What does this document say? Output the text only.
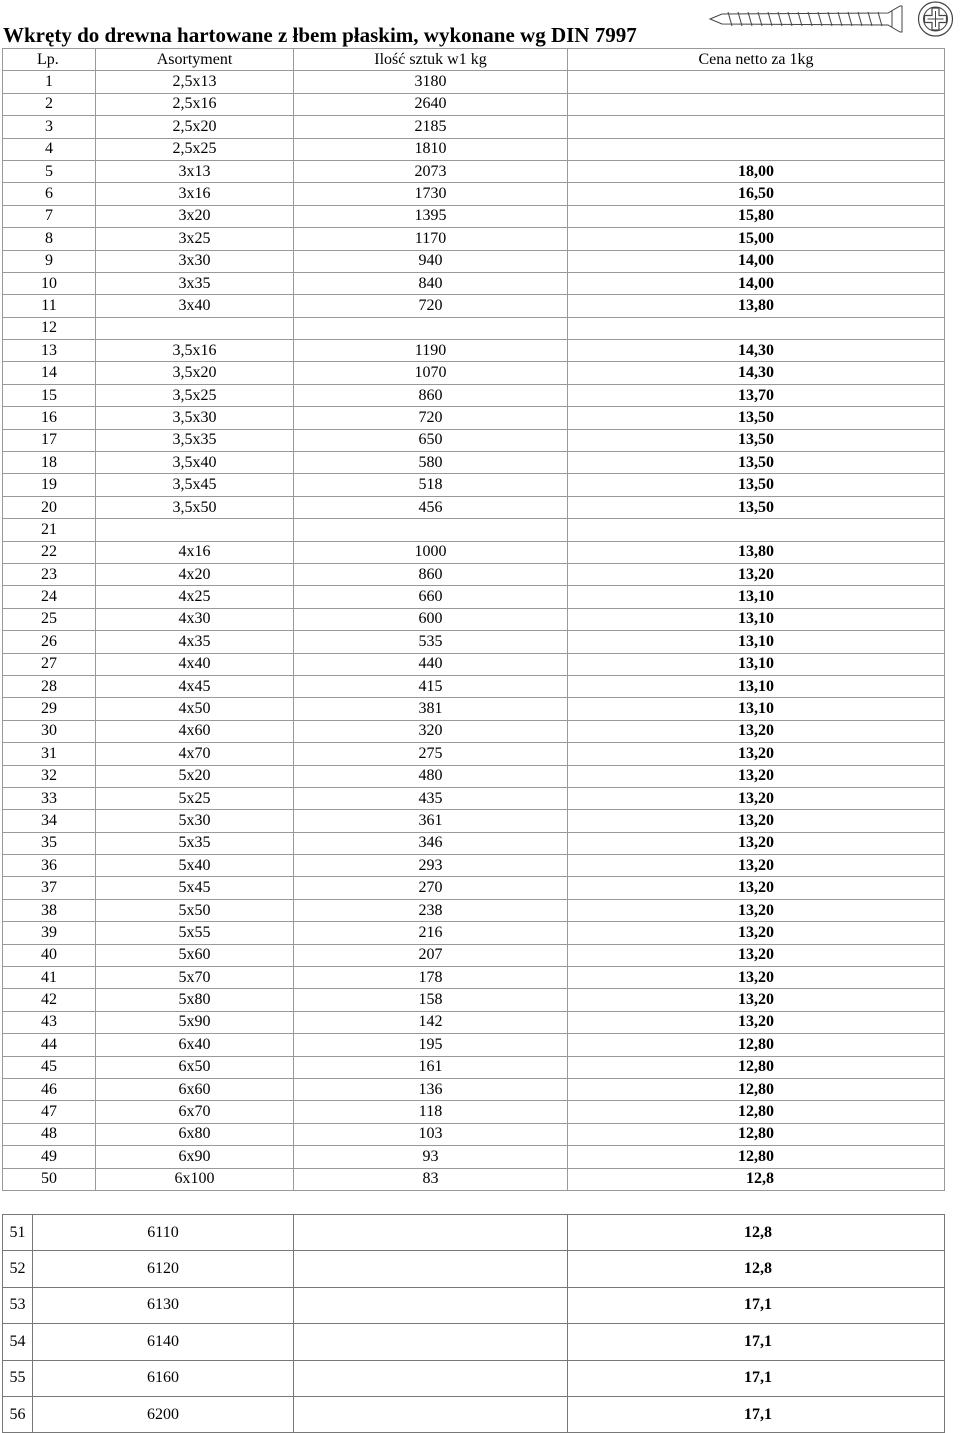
Wkręty do drewna hartowane z łbem płaskim, wykonane wg DIN 7997
Lp.	Asortyment	Ilość sztuk w1 kg	Cena netto za 1kg
1	2,5x13	3180	
2	2,5x16	2640	
3	2,5x20	2185	
4	2,5x25	1810	
5	3x13	2073	18,00
6	3x16	1730	16,50
7	3x20	1395	15,80
8	3x25	1170	15,00
9	3x30	940	14,00
10	3x35	840	14,00
11	3x40	720	13,80
12			
13	3,5x16	1190	14,30
14	3,5x20	1070	14,30
15	3,5x25	860	13,70
16	3,5x30	720	13,50
17	3,5x35	650	13,50
18	3,5x40	580	13,50
19	3,5x45	518	13,50
20	3,5x50	456	13,50
21			
22	4x16	1000	13,80
23	4x20	860	13,20
24	4x25	660	13,10
25	4x30	600	13,10
26	4x35	535	13,10
27	4x40	440	13,10
28	4x45	415	13,10
29	4x50	381	13,10
30	4x60	320	13,20
31	4x70	275	13,20
32	5x20	480	13,20
33	5x25	435	13,20
34	5x30	361	13,20
35	5x35	346	13,20
36	5x40	293	13,20
37	5x45	270	13,20
38	5x50	238	13,20
39	5x55	216	13,20
40	5x60	207	13,20
41	5x70	178	13,20
42	5x80	158	13,20
43	5x90	142	13,20
44	6x40	195	12,80
45	6x50	161	12,80
46	6x60	136	12,80
47	6x70	118	12,80
48	6x80	103	12,80
49	6x90	93	12,80
50	6x100	83	12,8
51	6110		12,8
52	6120		12,8
53	6130		17,1
54	6140		17,1
55	6160		17,1
56	6200		17,1
